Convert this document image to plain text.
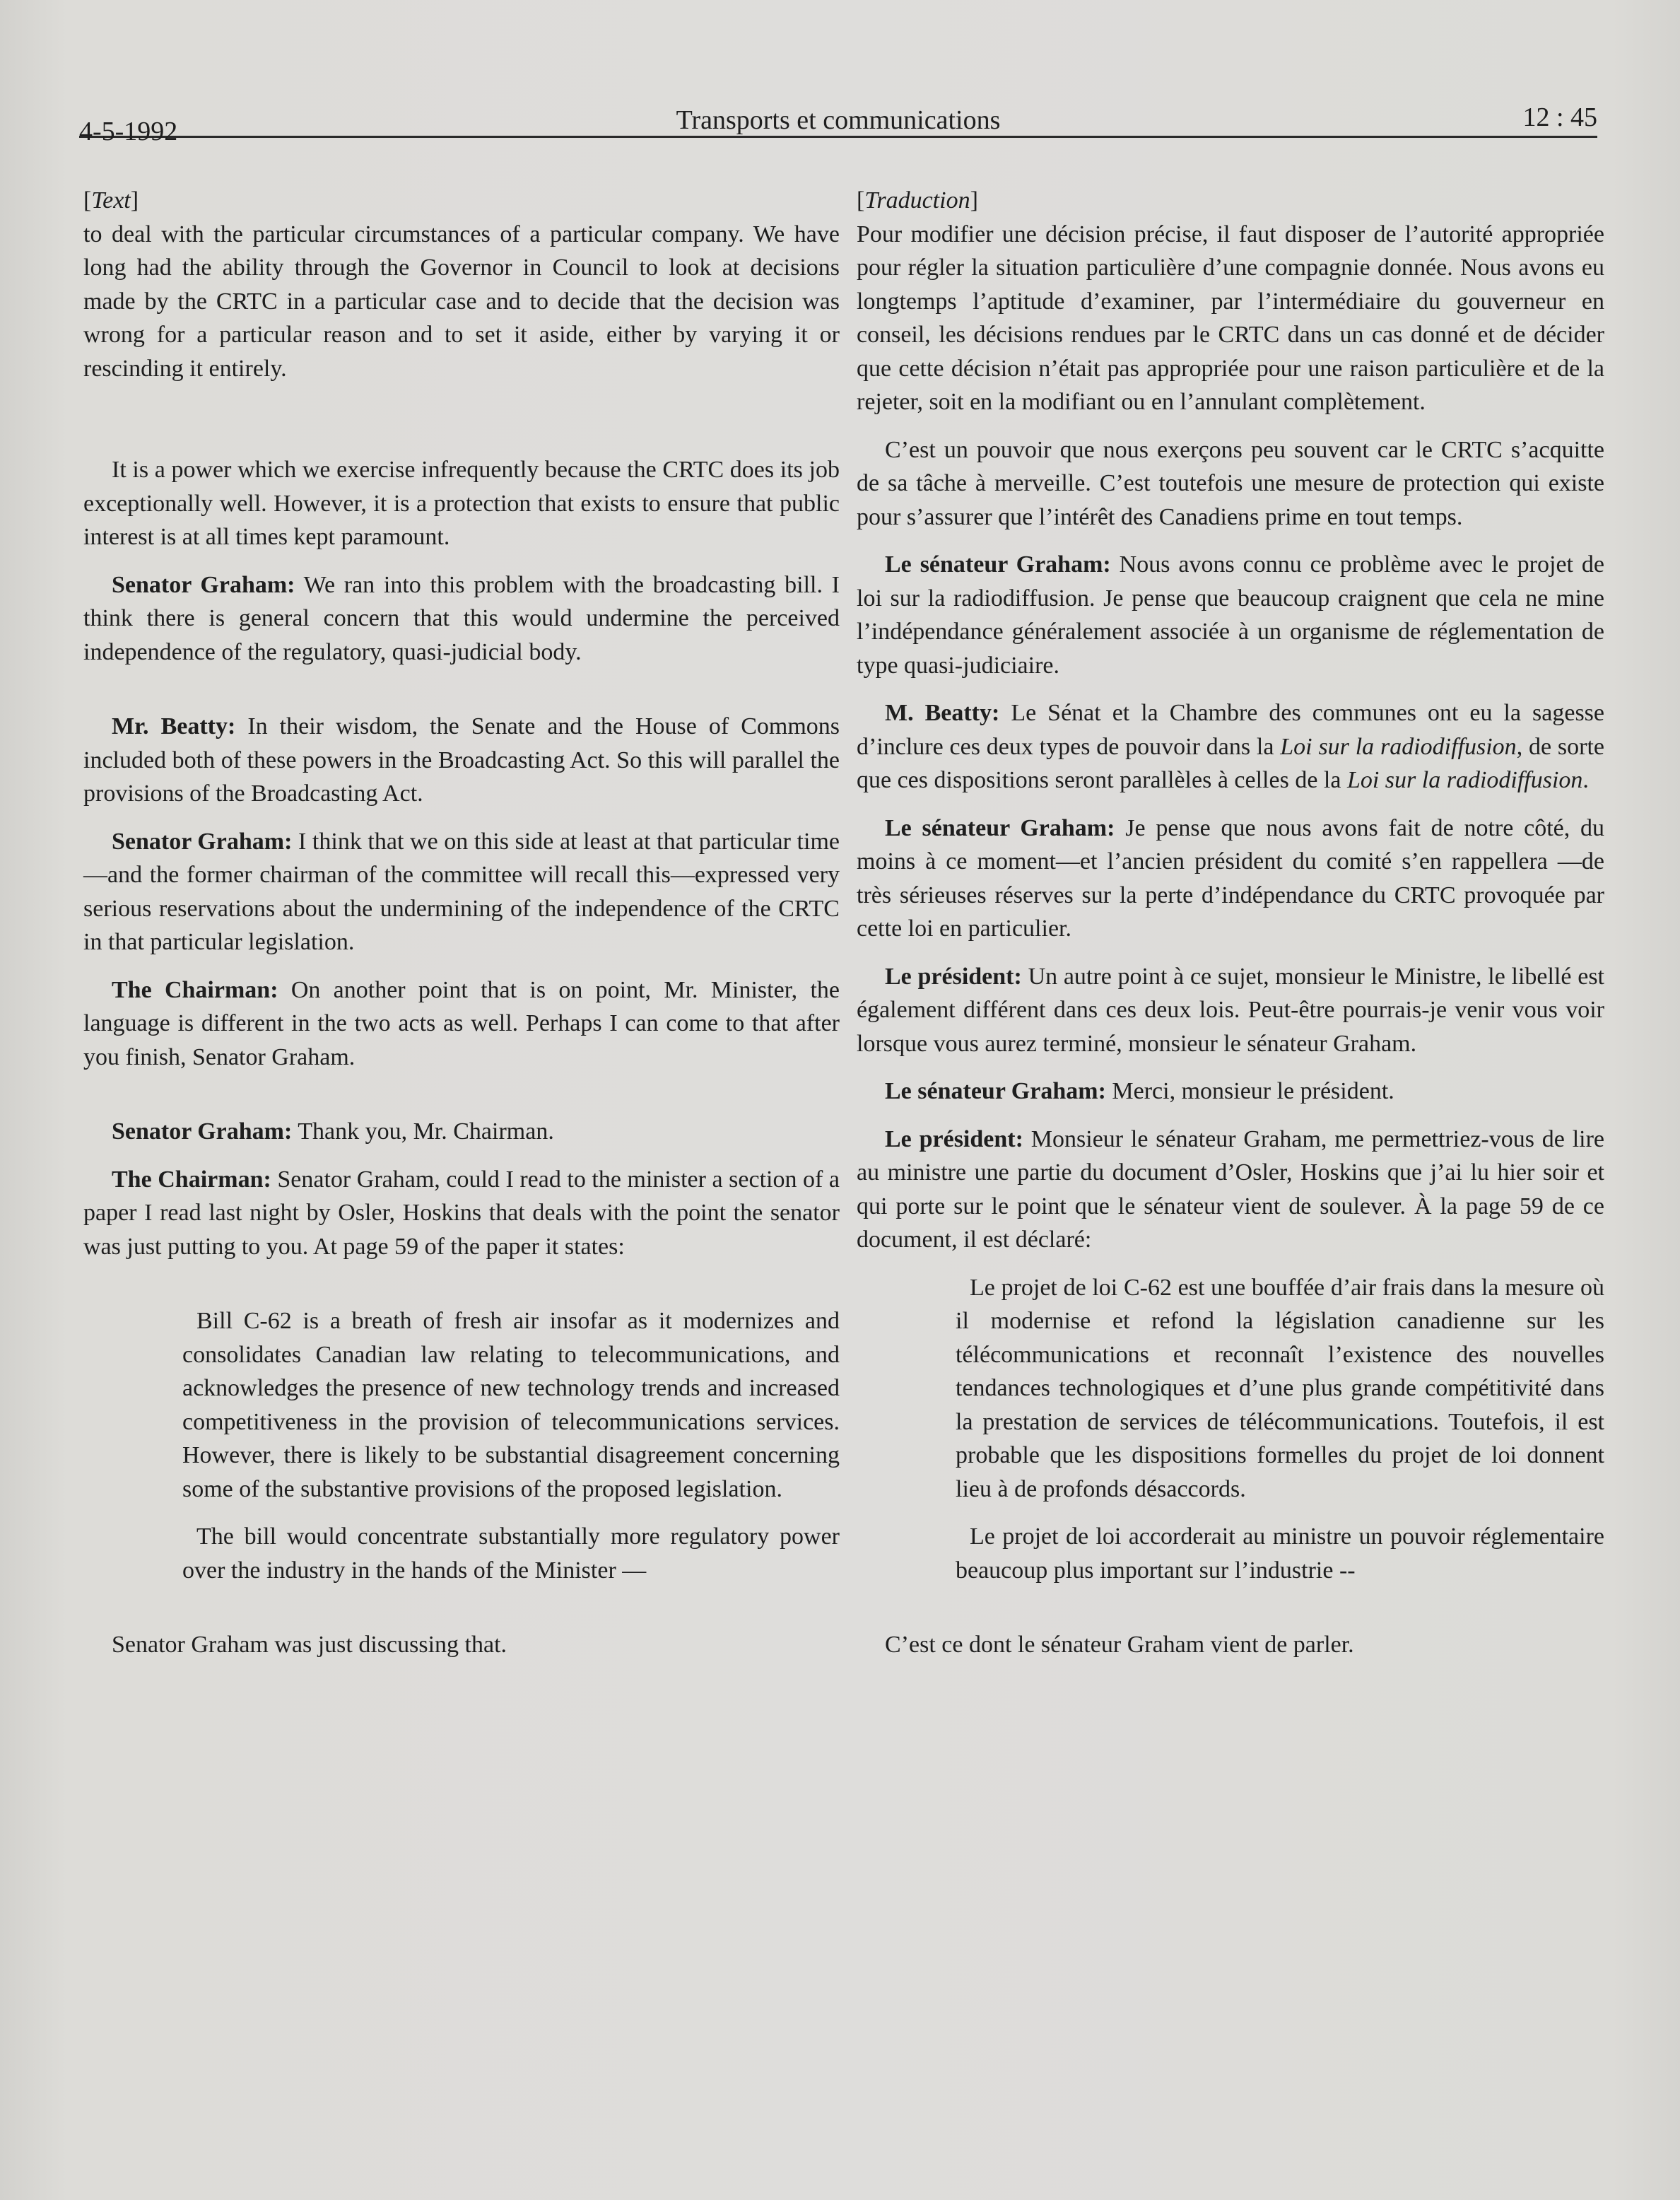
4-5-1992	Transports et communications	12 : 45

[Text]

to deal with the particular circumstances of a particular company. We have long had the ability through the Governor in Council to look at decisions made by the CRTC in a particular case and to decide that the decision was wrong for a particular reason and to set it aside, either by varying it or rescinding it entirely.

It is a power which we exercise infrequently because the CRTC does its job exceptionally well. However, it is a protection that exists to ensure that public interest is at all times kept paramount.

Senator Graham: We ran into this problem with the broadcasting bill. I think there is general concern that this would undermine the perceived independence of the regulatory, quasi-judicial body.

Mr. Beatty: In their wisdom, the Senate and the House of Commons included both of these powers in the Broadcasting Act. So this will parallel the provisions of the Broadcasting Act.

Senator Graham: I think that we on this side at least at that particular time—and the former chairman of the committee will recall this—expressed very serious reservations about the undermining of the independence of the CRTC in that particular legislation.

The Chairman: On another point that is on point, Mr. Minister, the language is different in the two acts as well. Perhaps I can come to that after you finish, Senator Graham.

Senator Graham: Thank you, Mr. Chairman.

The Chairman: Senator Graham, could I read to the minister a section of a paper I read last night by Osler, Hoskins that deals with the point the senator was just putting to you. At page 59 of the paper it states:

Bill C-62 is a breath of fresh air insofar as it modernizes and consolidates Canadian law relating to telecommunications, and acknowledges the presence of new technology trends and increased competitiveness in the provision of telecommunications services. However, there is likely to be substantial disagreement concerning some of the substantive provisions of the proposed legislation.

The bill would concentrate substantially more regulatory power over the industry in the hands of the Minister —

Senator Graham was just discussing that.

[Traduction]

Pour modifier une décision précise, il faut disposer de l’autorité appropriée pour régler la situation particulière d’une compagnie donnée. Nous avons eu longtemps l’aptitude d’examiner, par l’intermédiaire du gouverneur en conseil, les décisions rendues par le CRTC dans un cas donné et de décider que cette décision n’était pas appropriée pour une raison particulière et de la rejeter, soit en la modifiant ou en l’annulant complètement.

C’est un pouvoir que nous exerçons peu souvent car le CRTC s’acquitte de sa tâche à merveille. C’est toutefois une mesure de protection qui existe pour s’assurer que l’intérêt des Canadiens prime en tout temps.

Le sénateur Graham: Nous avons connu ce problème avec le projet de loi sur la radiodiffusion. Je pense que beaucoup craignent que cela ne mine l’indépendance généralement associée à un organisme de réglementation de type quasi-judiciaire.

M. Beatty: Le Sénat et la Chambre des communes ont eu la sagesse d’inclure ces deux types de pouvoir dans la Loi sur la radiodiffusion, de sorte que ces dispositions seront parallèles à celles de la Loi sur la radiodiffusion.

Le sénateur Graham: Je pense que nous avons fait de notre côté, du moins à ce moment—et l’ancien président du comité s’en rappellera —de très sérieuses réserves sur la perte d’indépendance du CRTC provoquée par cette loi en particulier.

Le président: Un autre point à ce sujet, monsieur le Ministre, le libellé est également différent dans ces deux lois. Peut-être pourrais-je venir vous voir lorsque vous aurez terminé, monsieur le sénateur Graham.

Le sénateur Graham: Merci, monsieur le président.

Le président: Monsieur le sénateur Graham, me permettriez-vous de lire au ministre une partie du document d’Osler, Hoskins que j’ai lu hier soir et qui porte sur le point que le sénateur vient de soulever. À la page 59 de ce document, il est déclaré:

Le projet de loi C-62 est une bouffée d’air frais dans la mesure où il modernise et refond la législation canadienne sur les télécommunications et reconnaît l’existence des nouvelles tendances technologiques et d’une plus grande compétitivité dans la prestation de services de télécommunications. Toutefois, il est probable que les dispositions formelles du projet de loi donnent lieu à de profonds désaccords.

Le projet de loi accorderait au ministre un pouvoir réglementaire beaucoup plus important sur l’industrie --

C’est ce dont le sénateur Graham vient de parler.
